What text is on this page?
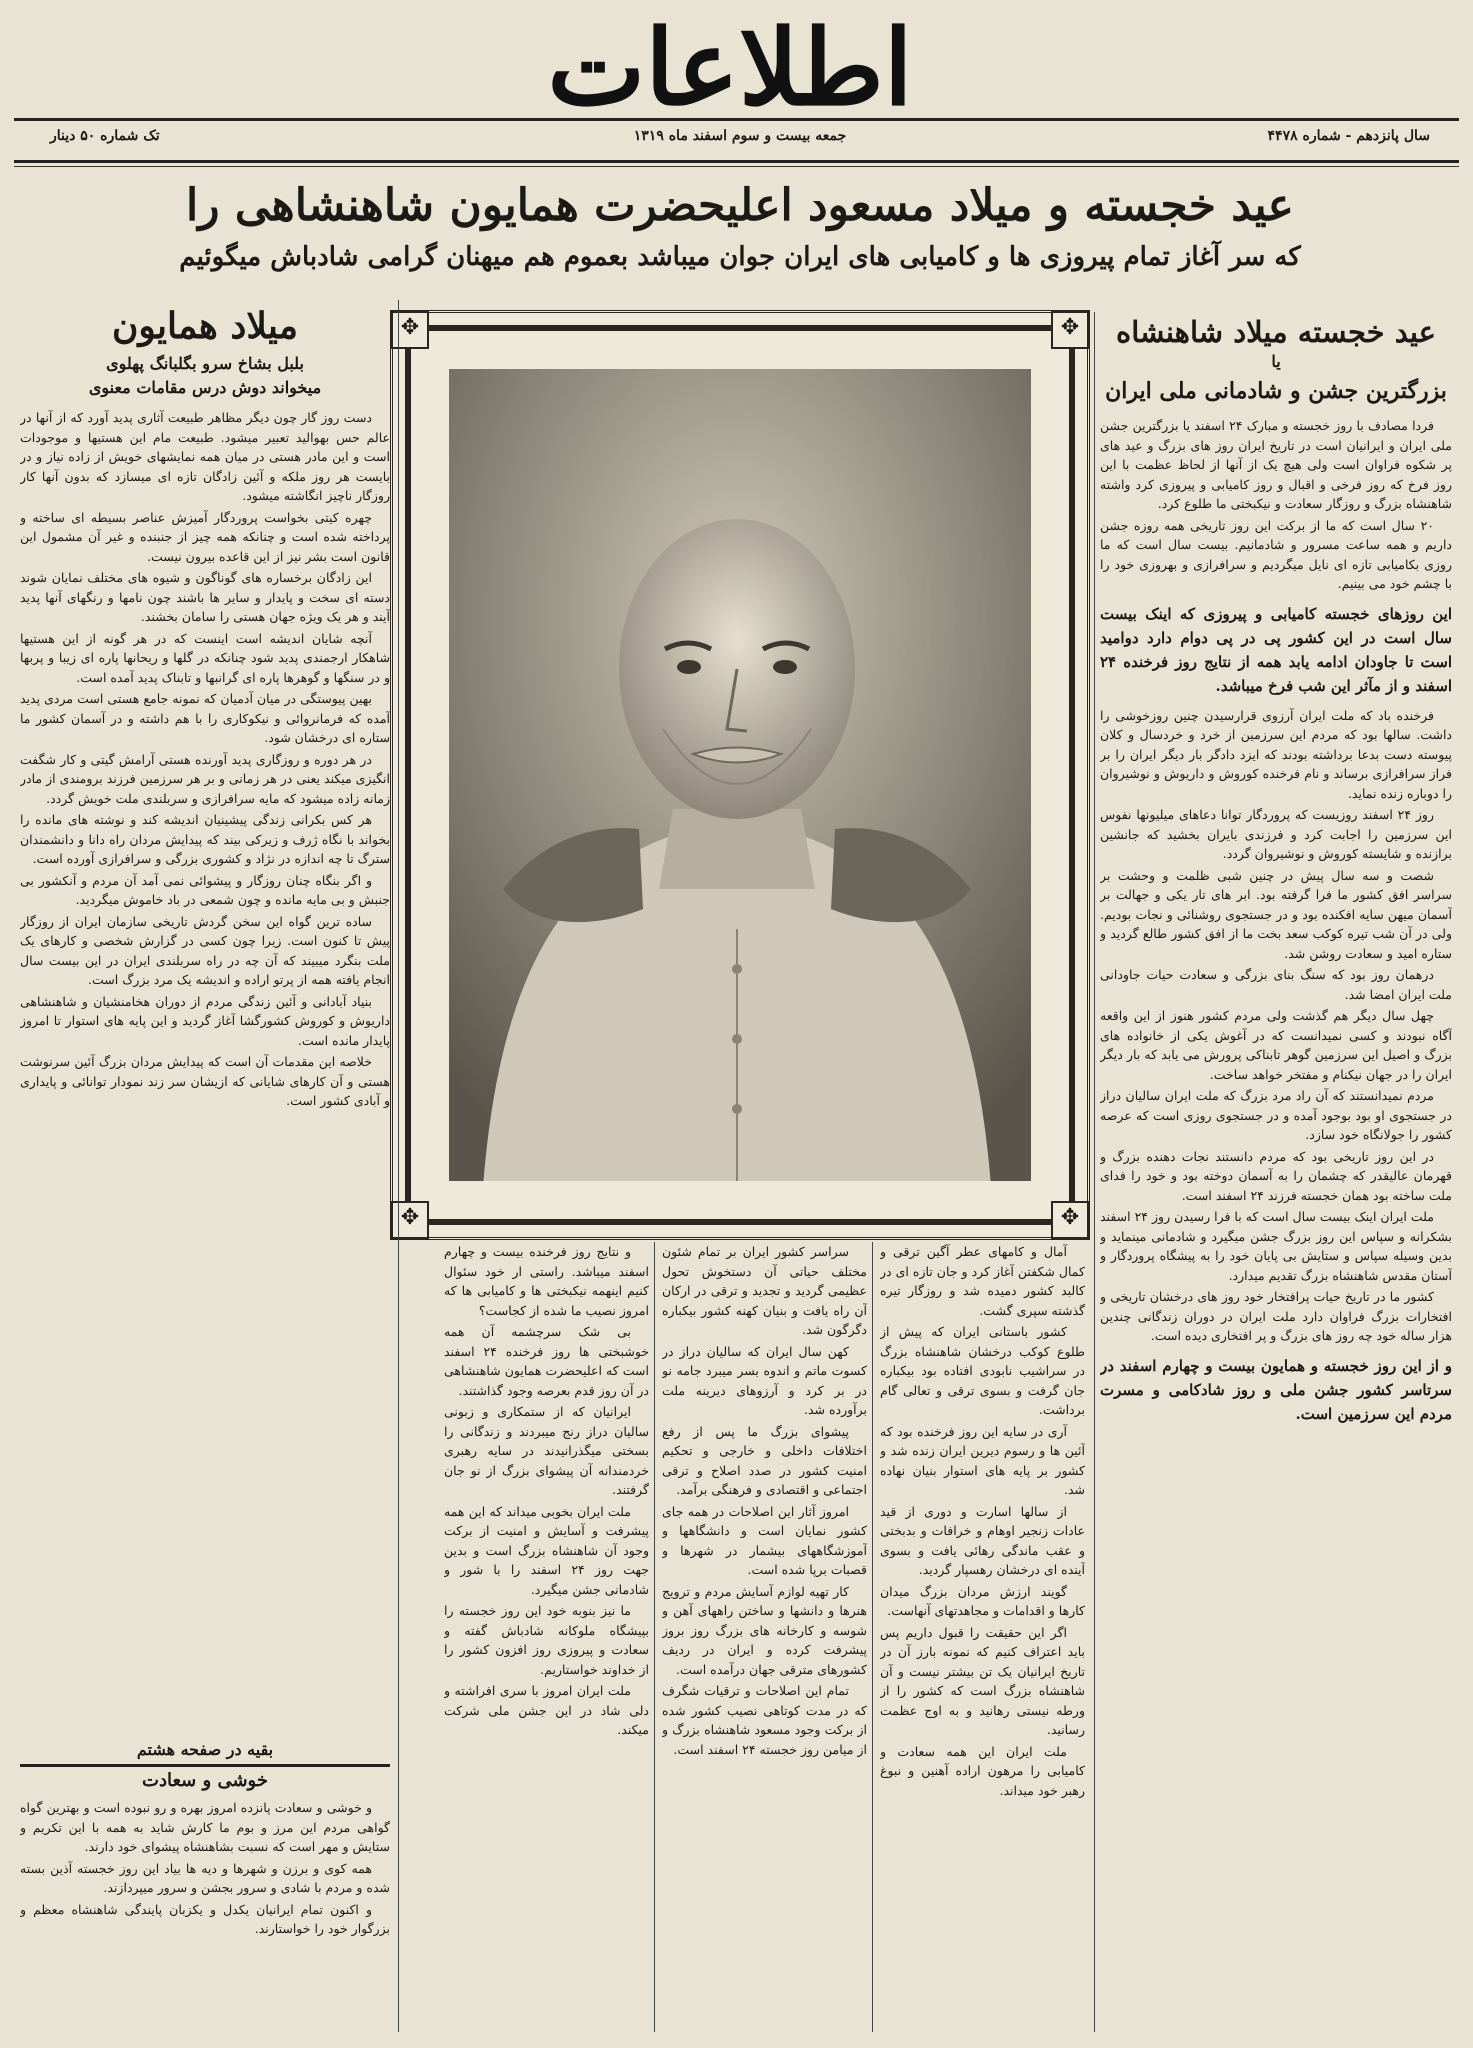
اطلاعات
سال پانزدهم - شماره ۴۴۷۸
جمعه بیست و سوم اسفند ماه ۱۳۱۹
تک شماره ۵۰ دینار
عید خجسته و میلاد مسعود اعلیحضرت همایون شاهنشاهی را
که سر آغاز تمام پیروزی ها و کامیابی های ایران جوان میباشد بعموم هم میهنان گرامی شادباش میگوئیم
عید خجسته میلاد شاهنشاه
یا
بزرگترین جشن و شادمانی ملی ایران

فردا مصادف با روز خجسته و مبارک ۲۴ اسفند یا بزرگترین جشن ملی ایران و ایرانیان است در تاریخ ایران روز های بزرگ و عید های پر شکوه فراوان است ولی هیچ یک از آنها از لحاظ عظمت با این روز فرخ که روز فرخی و اقبال و روز کامیابی و پیروزی کرد واشته شاهنشاه بزرگ و روزگار سعادت و نیکبختی ما طلوع کرد.

۲۰ سال است که ما از برکت این روز تاریخی همه روزه جشن داریم و همه ساعت مسرور و شادمانیم. بیست سال است که ما روزی بکامیابی تازه ای نایل میگردیم و سرافرازی و بهروزی خود را با چشم خود می بینیم.

این روزهای خجسته کامیابی و پیروزی که اینک بیست سال است در این کشور پی در پی دوام دارد دوامید است تا جاودان ادامه یابد همه از نتایج روز فرخنده ۲۴ اسفند و از مآثر این شب فرخ میباشد.

فرخنده باد که ملت ایران آرزوی قرارسیدن چنین روزخوشی را داشت. سالها بود که مردم این سرزمین از خرد و خردسال و کلان پیوسته دست بدعا برداشته بودند که ایزد دادگر بار دیگر ایران را بر فراز سرافرازی برساند و نام فرخنده کوروش و داریوش و نوشیروان را دوباره زنده نماید.

روز ۲۴ اسفند روزیست که پروردگار توانا دعاهای میلیونها نفوس این سرزمین را اجابت کرد و فرزندی بایران بخشید که جانشین برازنده و شایسته کوروش و نوشیروان گردد.

شصت و سه سال پیش در چنین شبی ظلمت و وحشت بر سراسر افق کشور ما فرا گرفته بود. ابر های تار یکی و جهالت بر آسمان میهن سایه افکنده بود و در جستجوی روشنائی و نجات بودیم. ولی در آن شب تیره کوکب سعد بخت ما از افق کشور طالع گردید و ستاره امید و سعادت روشن شد.

درهمان روز بود که سنگ بنای بزرگی و سعادت حیات جاودانی ملت ایران امضا شد.

چهل سال دیگر هم گذشت ولی مردم کشور هنوز از این واقعه آگاه نبودند و کسی نمیدانست که در آغوش یکی از خانواده های بزرگ و اصیل این سرزمین گوهر تابناکی پرورش می یابد که بار دیگر ایران را در جهان نیکنام و مفتخر خواهد ساخت.

مردم نمیدانستند که آن راد مرد بزرگ که ملت ایران سالیان دراز در جستجوی او بود بوجود آمده و در جستجوی روزی است که عرصه کشور را جولانگاه خود سازد.

در این روز تاریخی بود که مردم دانستند نجات دهنده بزرگ و قهرمان عالیقدر که چشمان را به آسمان دوخته بود و خود را فدای ملت ساخته بود همان خجسته فرزند ۲۴ اسفند است.

ملت ایران اینک بیست سال است که با فرا رسیدن روز ۲۴ اسفند بشکرانه و سپاس این روز بزرگ جشن میگیرد و شادمانی مینماید و بدین وسیله سپاس و ستایش بی پایان خود را به پیشگاه پروردگار و آستان مقدس شاهنشاه بزرگ تقدیم میدارد.

کشور ما در تاریخ حیات پرافتخار خود روز های درخشان تاریخی و افتخارات بزرگ فراوان دارد ملت ایران در دوران زندگانی چندین هزار ساله خود چه روز های بزرگ و پر افتخاری دیده است.

و از این روز خجسته و همایون بیست و چهارم اسفند در سرتاسر کشور جشن ملی و روز شادکامی و مسرت مردم این سرزمین است.

✥	✥
✥	✥

آمال و کامهای عطر آگین ترقی و کمال شکفتن آغاز کرد و جان تازه ای در کالبد کشور دمیده شد و روزگار تیره گذشته سپری گشت.

کشور باستانی ایران که پیش از طلوع کوکب درخشان شاهنشاه بزرگ در سراشیب نابودی افتاده بود بیکباره جان گرفت و بسوی ترقی و تعالی گام برداشت.

آری در سایه این روز فرخنده بود که آئین ها و رسوم دیرین ایران زنده شد و کشور بر پایه های استوار بنیان نهاده شد.

از سالها اسارت و دوری از قید عادات زنجیر اوهام و خرافات و بدبختی و عقب ماندگی رهائی یافت و بسوی آینده ای درخشان رهسپار گردید.

گویند ارزش مردان بزرگ میدان کارها و اقدامات و مجاهدتهای آنهاست.

اگر این حقیقت را قبول داریم پس باید اعتراف کنیم که نمونه بارز آن در تاریخ ایرانیان یک تن بیشتر نیست و آن شاهنشاه بزرگ است که کشور را از ورطه نیستی رهانید و به اوج عظمت رسانید.

ملت ایران این همه سعادت و کامیابی را مرهون اراده آهنین و نبوغ رهبر خود میداند.

سراسر کشور ایران بر تمام شئون مختلف حیاتی آن دستخوش تحول عظیمی گردید و تجدید و ترقی در ارکان آن راه یافت و بنیان کهنه کشور بیکباره دگرگون شد.

کهن سال ایران که سالیان دراز در کسوت ماتم و اندوه بسر میبرد جامه نو در بر کرد و آرزوهای دیرینه ملت برآورده شد.

پیشوای بزرگ ما پس از رفع اختلافات داخلی و خارجی و تحکیم امنیت کشور در صدد اصلاح و ترقی اجتماعی و اقتصادی و فرهنگی برآمد.

امروز آثار این اصلاحات در همه جای کشور نمایان است و دانشگاهها و آموزشگاههای بیشمار در شهرها و قصبات برپا شده است.

کار تهیه لوازم آسایش مردم و ترویج هنرها و دانشها و ساختن راههای آهن و شوسه و کارخانه های بزرگ روز بروز پیشرفت کرده و ایران در ردیف کشورهای مترقی جهان درآمده است.

تمام این اصلاحات و ترقیات شگرف که در مدت کوتاهی نصیب کشور شده از برکت وجود مسعود شاهنشاه بزرگ و از میامن روز خجسته ۲۴ اسفند است.

و نتایج روز فرخنده بیست و چهارم اسفند میباشد. راستی ار خود سئوال کنیم اینهمه نیکبختی ها و کامیابی ها که امروز نصیب ما شده از کجاست؟

بی شک سرچشمه آن همه خوشبختی ها روز فرخنده ۲۴ اسفند است که اعلیحضرت همایون شاهنشاهی در آن روز قدم بعرصه وجود گذاشتند.

ایرانیان که از ستمکاری و زبونی سالیان دراز رنج میبردند و زندگانی را بسختی میگذرانیدند در سایه رهبری خردمندانه آن پیشوای بزرگ از نو جان گرفتند.

ملت ایران بخوبی میداند که این همه پیشرفت و آسایش و امنیت از برکت وجود آن شاهنشاه بزرگ است و بدین جهت روز ۲۴ اسفند را با شور و شادمانی جشن میگیرد.

ما نیز بنوبه خود این روز خجسته را بپیشگاه ملوکانه شادباش گفته و سعادت و پیروزی روز افزون کشور را از خداوند خواستاریم.

ملت ایران امروز با سری افراشته و دلی شاد در این جشن ملی شرکت میکند.

میلاد همایون
بلبل بشاخ سرو بگلبانگ پهلوی
میخواند دوش درس مقامات معنوی

دست روز گار چون دیگر مظاهر طبیعت آثاری پدید آورد که از آنها در عالم حس بهوالید تعبیر میشود. طبیعت مام این هستیها و موجودات است و این مادر هستی در میان همه نمایشهای خویش از زاده نیاز و در بایست هر روز ملکه و آئین زادگان تازه ای میسازد که بدون آنها کار روزگار ناچیز انگاشته میشود.

چهره کیتی بخواست پروردگار آمیزش عناصر بسیطه ای ساخته و پرداخته شده است و چنانکه همه چیز از جنبنده و غیر آن مشمول این قانون است بشر نیز از این قاعده بیرون نیست.

این زادگان برخساره های گوناگون و شیوه های مختلف نمایان شوند دسته ای سخت و پایدار و سایر ها باشند چون نامها و رنگهای آنها پدید آیند و هر یک ویژه جهان هستی را سامان بخشند.

آنچه شایان اندیشه است اینست که در هر گونه از این هستیها شاهکار ارجمندی پدید شود چنانکه در گلها و ریحانها پاره ای زیبا و پربها و در سنگها و گوهرها پاره ای گرانبها و تابناک پدید آمده است.

بهین پیوستگی در میان آدمیان که نمونه جامع هستی است مردی پدید آمده که فرمانروائی و نیکوکاری را با هم داشته و در آسمان کشور ما ستاره ای درخشان شود.

در هر دوره و روزگاری پدید آورنده هستی آرامش گیتی و کار شگفت انگیزی میکند یعنی در هر زمانی و بر هر سرزمین فرزند برومندی از مادر زمانه زاده میشود که مایه سرافرازی و سربلندی ملت خویش گردد.

هر کس بکرانی زندگی پیشینیان اندیشه کند و نوشته های مانده را بخواند با نگاه ژرف و زیرکی بیند که پیدایش مردان راه دانا و دانشمندان سترگ تا چه اندازه در نژاد و کشوری بزرگی و سرافرازی آورده است.

و اگر بنگاه چنان روزگار و پیشوائی نمی آمد آن مردم و آنکشور بی جنبش و بی مایه مانده و چون شمعی در باد خاموش میگردید.

ساده ترین گواه این سخن گردش تاریخی سازمان ایران از روزگار پیش تا کنون است. زیرا چون کسی در گزارش شخصی و کارهای یک ملت بنگرد میبیند که آن چه در راه سربلندی ایران در این بیست سال انجام یافته همه از پرتو اراده و اندیشه یک مرد بزرگ است.

بنیاد آبادانی و آئین زندگی مردم از دوران هخامنشیان و شاهنشاهی داریوش و کوروش کشورگشا آغاز گردید و این پایه های استوار تا امروز پایدار مانده است.

خلاصه این مقدمات آن است که پیدایش مردان بزرگ آئین سرنوشت هستی و آن کارهای شایانی که ازیشان سر زند نمودار توانائی و پایداری و آبادی کشور است.

بقیه در صفحه هشتم
خوشی و سعادت

و خوشی و سعادت پانزده امروز بهره و رو نبوده است و بهترین گواه گواهی مردم این مرز و بوم ما کارش شاید به همه با این تکریم و ستایش و مهر است که نسبت بشاهنشاه پیشوای خود دارند.

همه کوی و برزن و شهرها و دیه ها بیاد این روز خجسته آذین بسته شده و مردم با شادی و سرور بجشن و سرور میپردازند.

و اکنون تمام ایرانیان یکدل و یکزبان پایندگی شاهنشاه معظم و بزرگوار خود را خواستارند.
